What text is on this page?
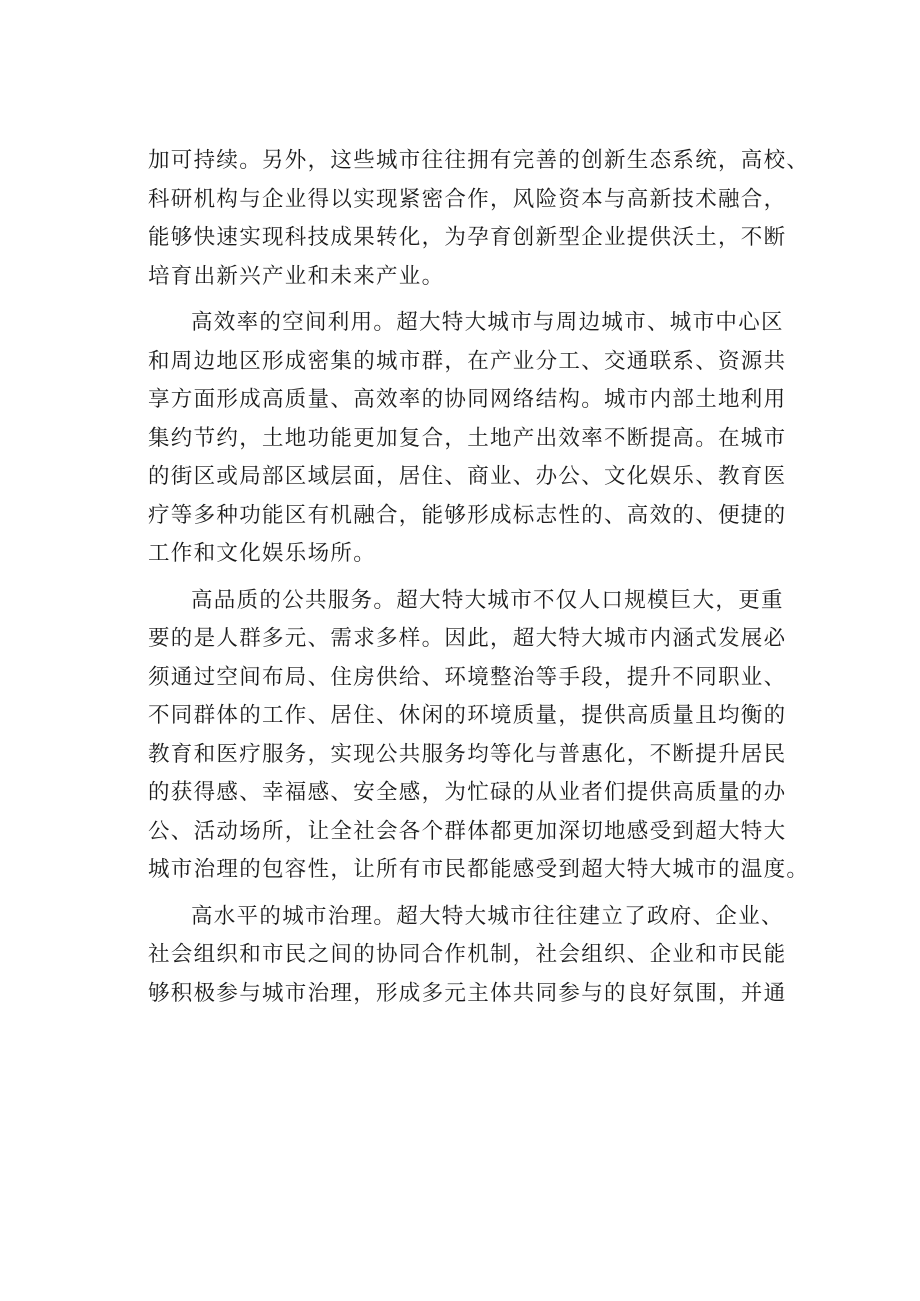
加可持续。另外，这些城市往往拥有完善的创新生态系统，高校、
科研机构与企业得以实现紧密合作，风险资本与高新技术融合，
能够快速实现科技成果转化，为孕育创新型企业提供沃土，不断
培育出新兴产业和未来产业。
高效率的空间利用。超大特大城市与周边城市、城市中心区
和周边地区形成密集的城市群，在产业分工、交通联系、资源共
享方面形成高质量、高效率的协同网络结构。城市内部土地利用
集约节约，土地功能更加复合，土地产出效率不断提高。在城市
的街区或局部区域层面，居住、商业、办公、文化娱乐、教育医
疗等多种功能区有机融合，能够形成标志性的、高效的、便捷的
工作和文化娱乐场所。
高品质的公共服务。超大特大城市不仅人口规模巨大，更重
要的是人群多元、需求多样。因此，超大特大城市内涵式发展必
须通过空间布局、住房供给、环境整治等手段，提升不同职业、
不同群体的工作、居住、休闲的环境质量，提供高质量且均衡的
教育和医疗服务，实现公共服务均等化与普惠化，不断提升居民
的获得感、幸福感、安全感，为忙碌的从业者们提供高质量的办
公、活动场所，让全社会各个群体都更加深切地感受到超大特大
城市治理的包容性，让所有市民都能感受到超大特大城市的温度。
高水平的城市治理。超大特大城市往往建立了政府、企业、
社会组织和市民之间的协同合作机制，社会组织、企业和市民能
够积极参与城市治理，形成多元主体共同参与的良好氛围，并通
